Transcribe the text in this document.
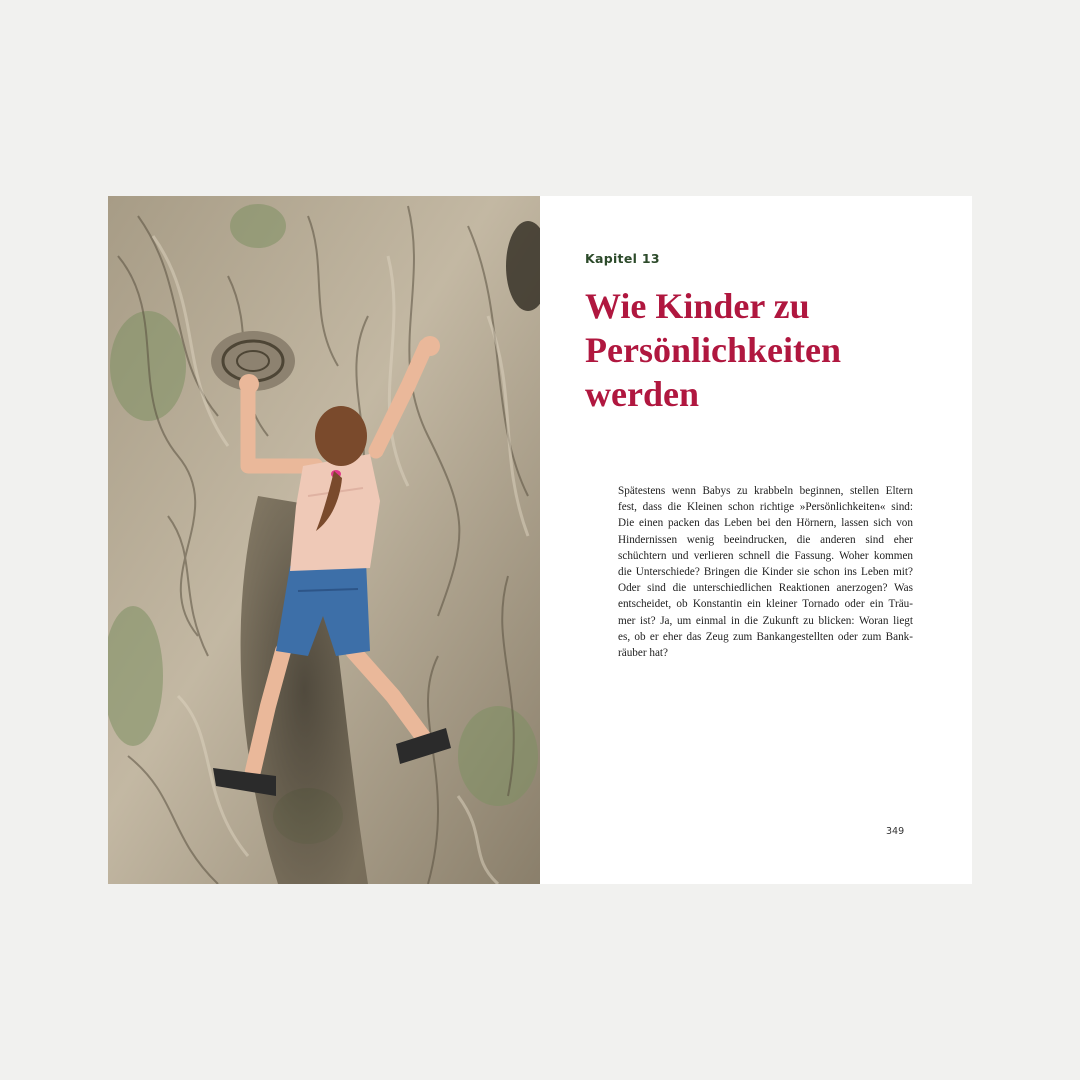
Kapitel 13
Wie Kinder zu
Persönlichkeiten
werden
Spätestens wenn Babys zu krabbeln beginnen, stellen Eltern
fest, dass die Kleinen schon richtige »Persönlichkeiten« sind:
Die einen packen das Leben bei den Hörnern, lassen sich von
Hindernissen wenig beeindrucken, die anderen sind eher
schüchtern und verlieren schnell die Fassung. Woher kommen
die Unterschiede? Bringen die Kinder sie schon ins Leben mit?
Oder sind die unterschiedlichen Reaktionen anerzogen? Was
entscheidet, ob Konstantin ein kleiner Tornado oder ein Träu-
mer ist? Ja, um einmal in die Zukunft zu blicken: Woran liegt
es, ob er eher das Zeug zum Bankangestellten oder zum Bank-
räuber hat?
349
